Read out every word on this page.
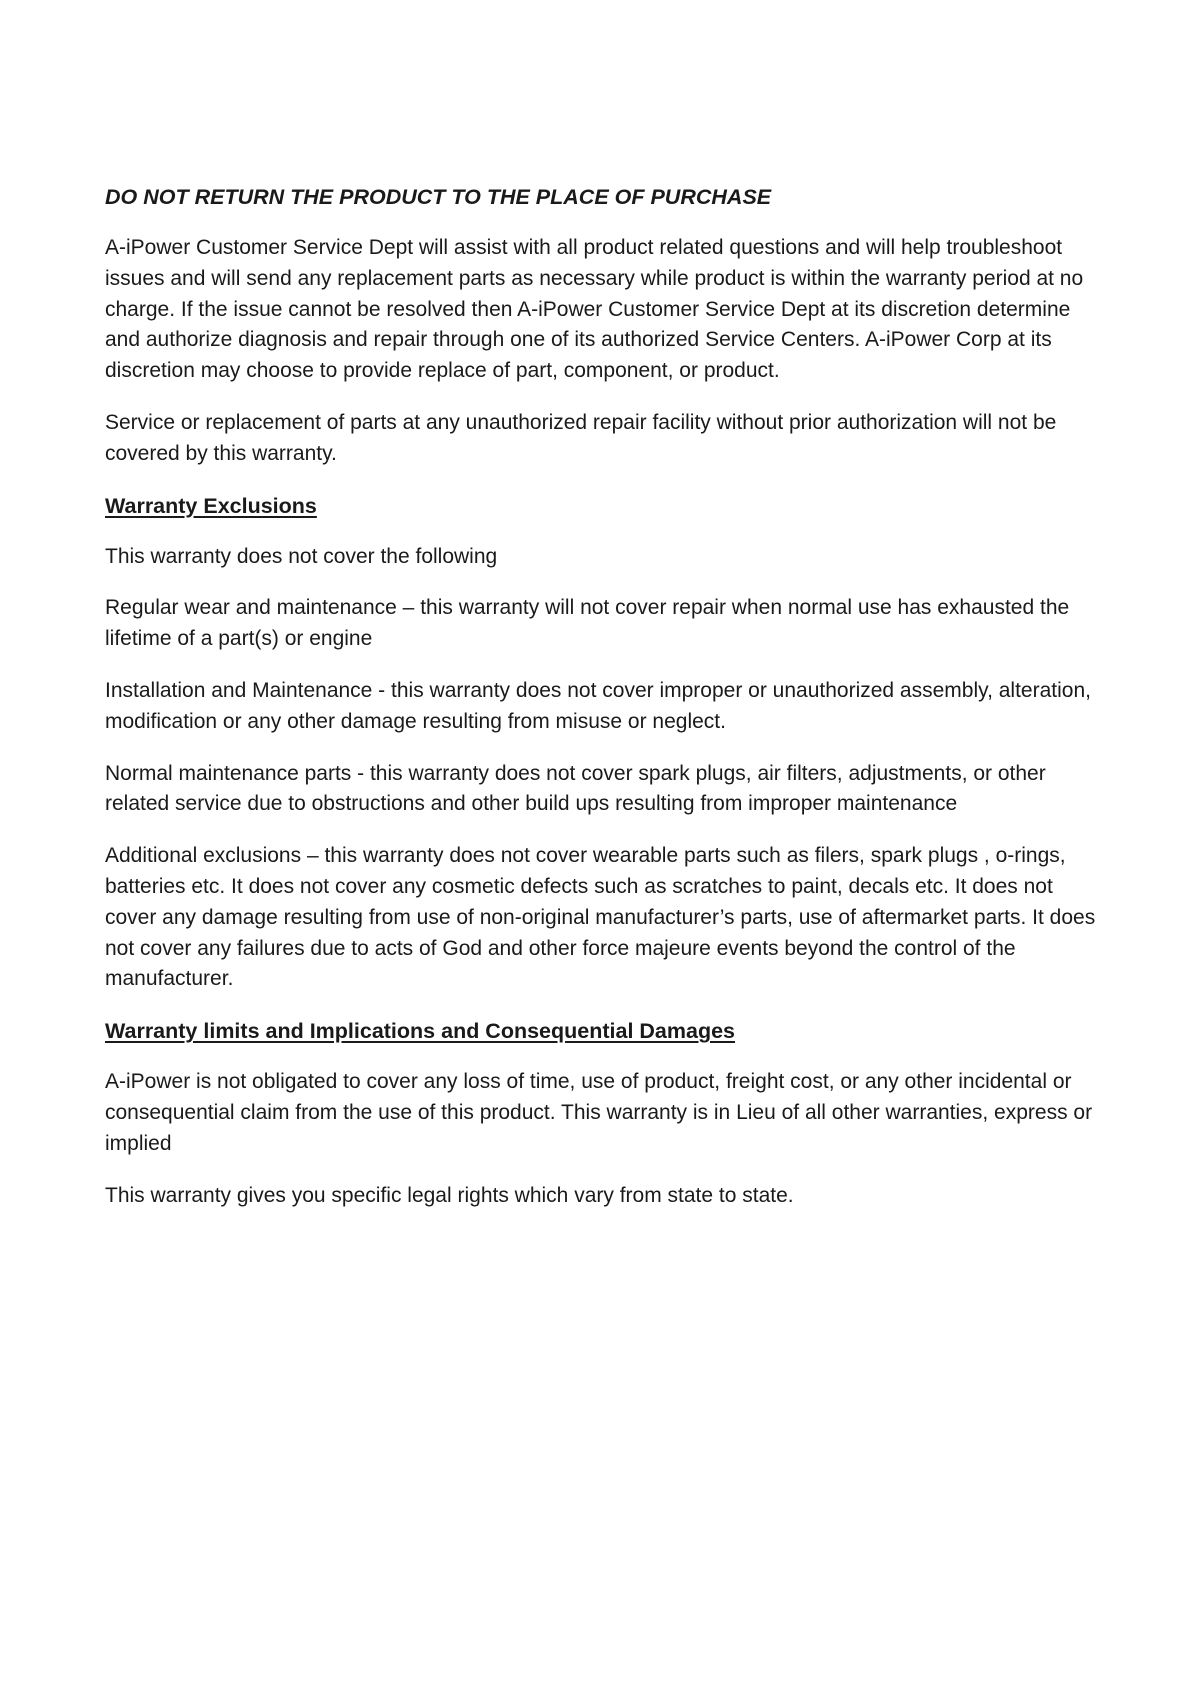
DO NOT RETURN THE PRODUCT TO THE PLACE OF PURCHASE

A-iPower Customer Service Dept will assist with all product related questions and will help troubleshoot issues and will send any replacement parts as necessary while product is within the warranty period at no charge. If the issue cannot be resolved then A-iPower Customer Service Dept at its discretion determine and authorize diagnosis and repair through one of its authorized Service Centers. A-iPower Corp at its discretion may choose to provide replace of part, component, or product.

Service or replacement of parts at any unauthorized repair facility without prior authorization will not be covered by this warranty.

Warranty Exclusions

This warranty does not cover the following

Regular wear and maintenance – this warranty will not cover repair when normal use has exhausted the lifetime of a part(s) or engine

Installation and Maintenance - this warranty does not cover improper or unauthorized assembly, alteration, modification or any other damage resulting from misuse or neglect.

Normal maintenance parts - this warranty does not cover spark plugs, air filters, adjustments, or other related service due to obstructions and other build ups resulting from improper maintenance

Additional exclusions – this warranty does not cover wearable parts such as filers, spark plugs , o-rings, batteries etc. It does not cover any cosmetic defects such as scratches to paint, decals etc. It does not cover any damage resulting from use of non-original manufacturer’s parts, use of aftermarket parts. It does not cover any failures due to acts of God and other force majeure events beyond the control of the manufacturer.

Warranty limits and Implications and Consequential Damages

A-iPower is not obligated to cover any loss of time, use of product, freight cost, or any other incidental or consequential claim from the use of this product. This warranty is in Lieu of all other warranties, express or implied

This warranty gives you specific legal rights which vary from state to state.
